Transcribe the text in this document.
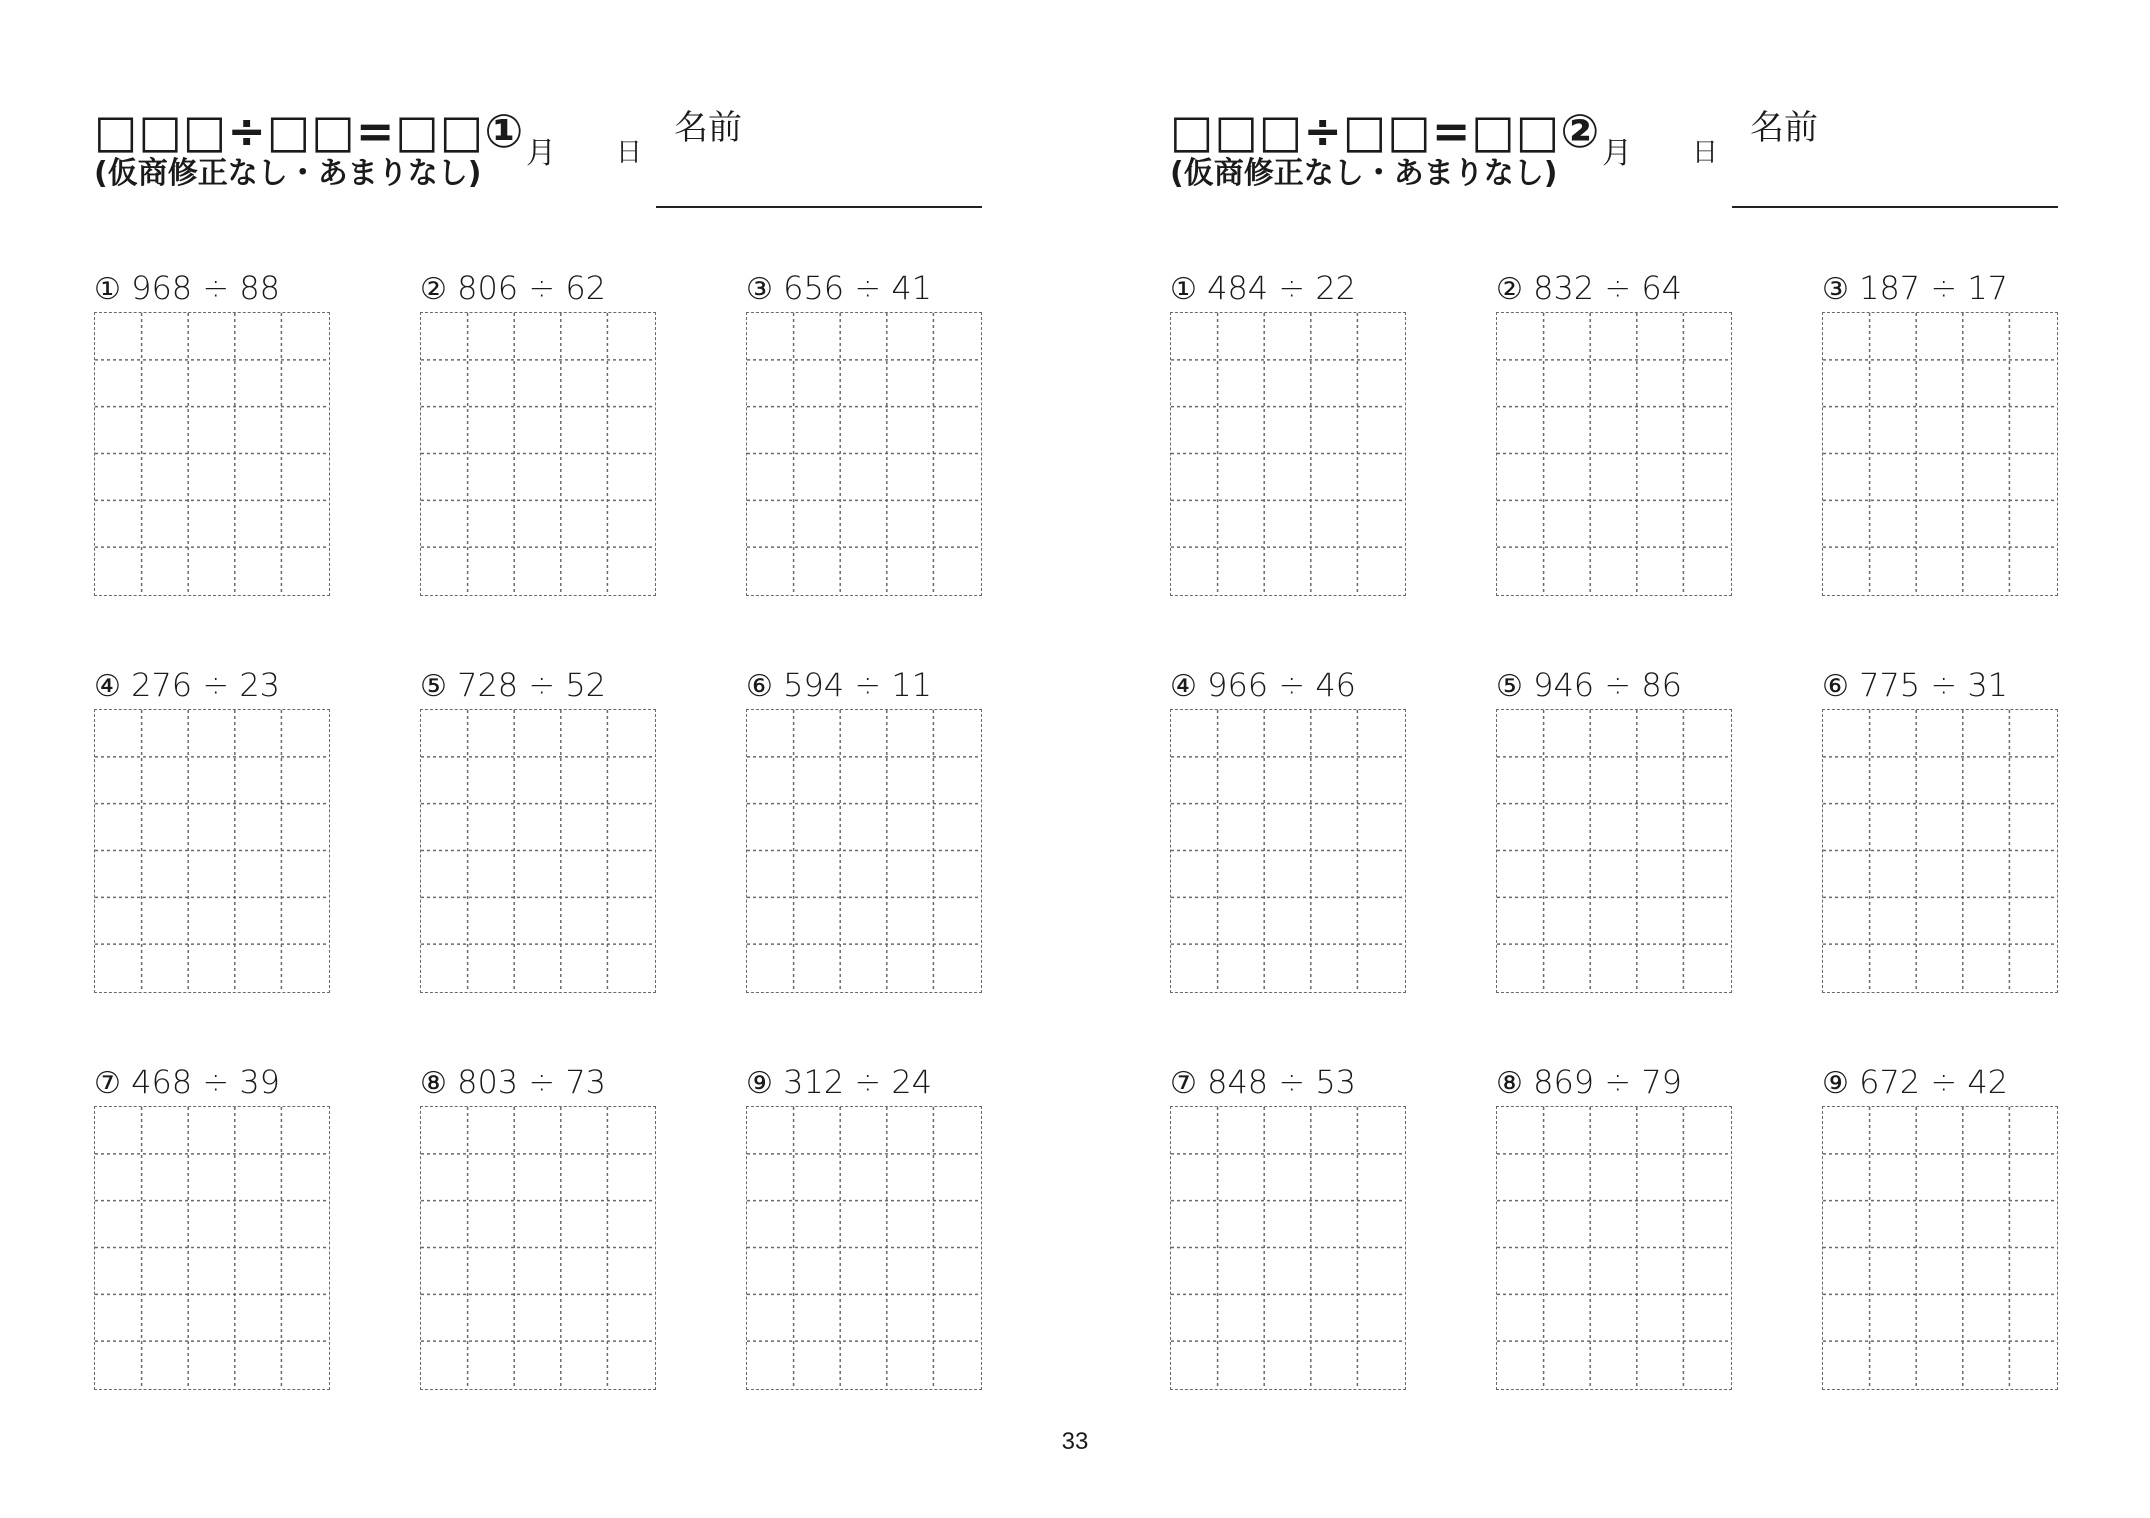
□□□÷□□=□□①
(仮商修正なし・あまりなし)
月 日
名前
① 968 ÷ 88	② 806 ÷ 62	③ 656 ÷ 41
④ 276 ÷ 23	⑤ 728 ÷ 52	⑥ 594 ÷ 11
⑦ 468 ÷ 39	⑧ 803 ÷ 73	⑨ 312 ÷ 24
□□□÷□□=□□②
(仮商修正なし・あまりなし)
月 日
名前
① 484 ÷ 22	② 832 ÷ 64	③ 187 ÷ 17
④ 966 ÷ 46	⑤ 946 ÷ 86	⑥ 775 ÷ 31
⑦ 848 ÷ 53	⑧ 869 ÷ 79	⑨ 672 ÷ 42
33
